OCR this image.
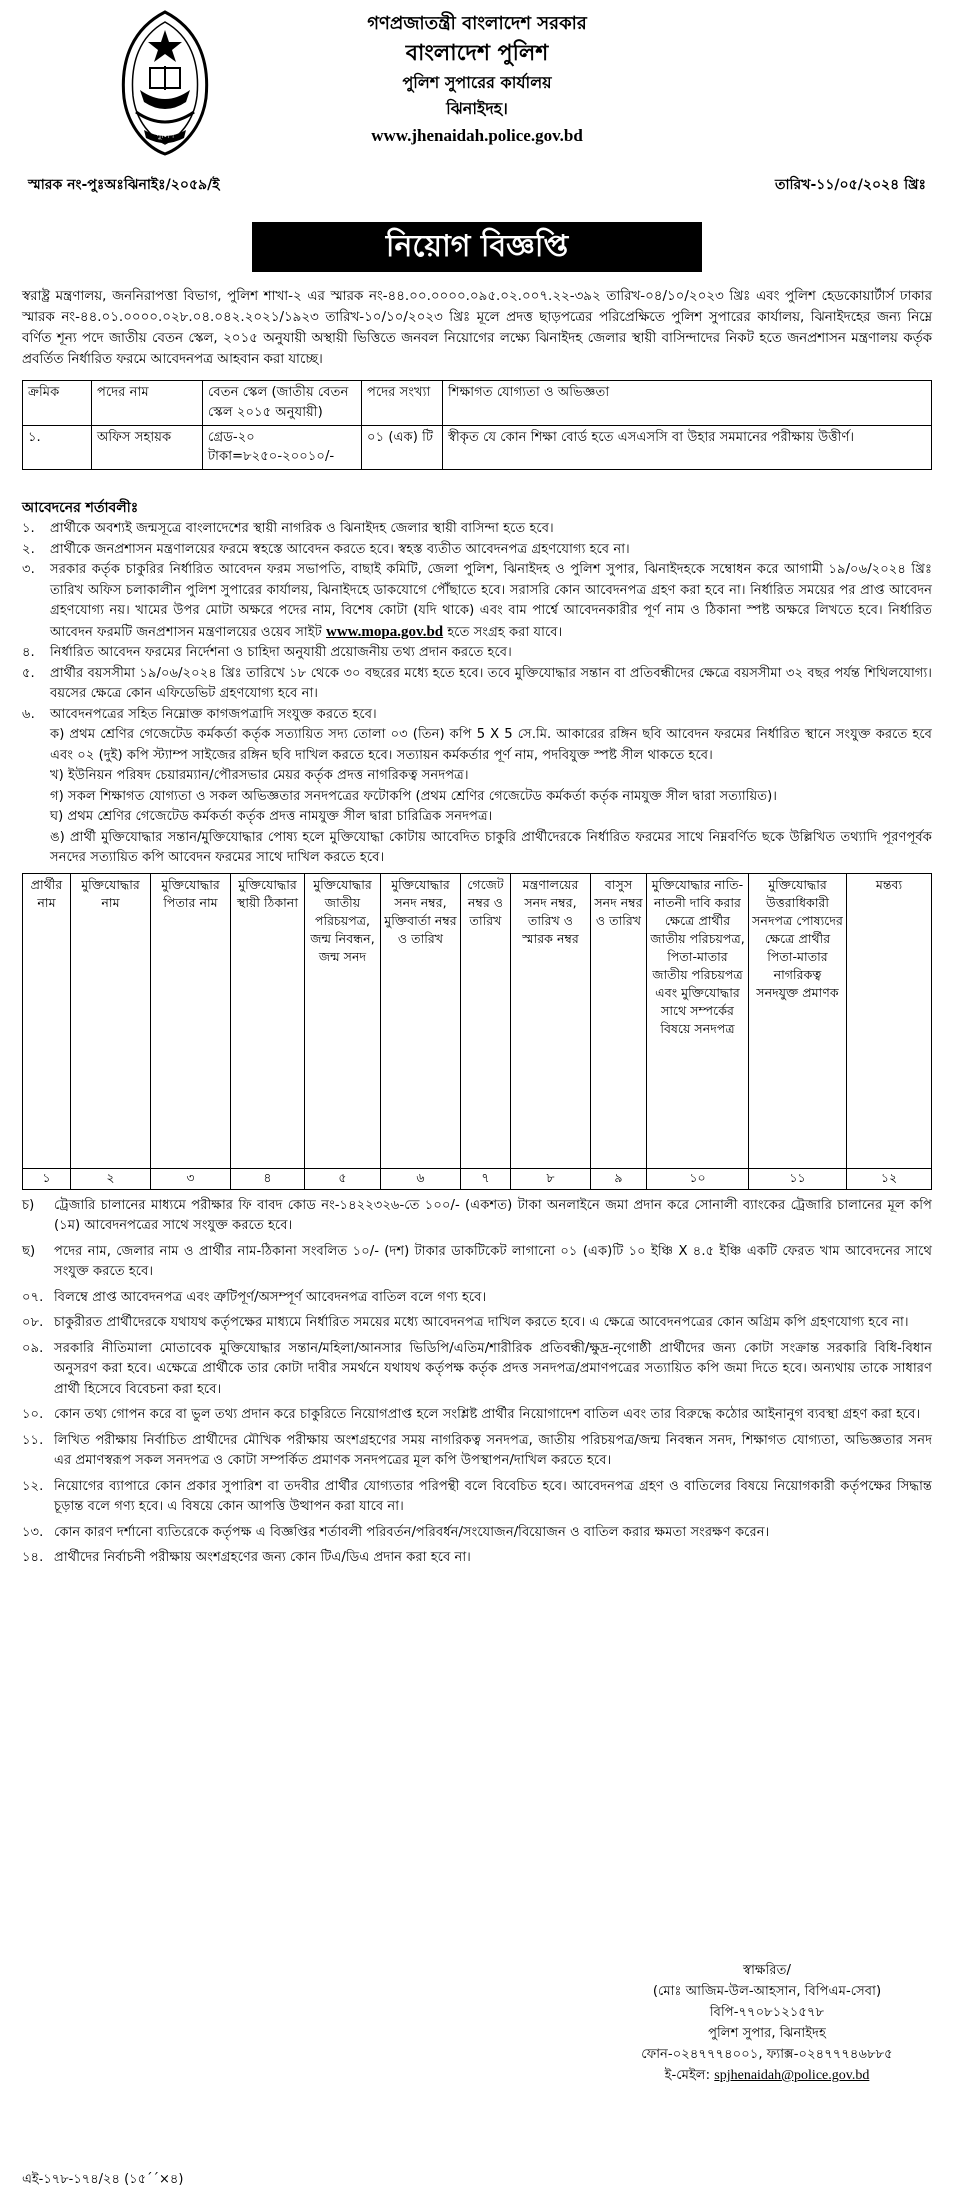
পুলিশ
গণপ্রজাতন্ত্রী বাংলাদেশ সরকার
বাংলাদেশ পুলিশ
পুলিশ সুপারের কার্যালয়
ঝিনাইদহ।
www.jhenaidah.police.gov.bd
স্মারক নং-পুঃঅঃঝিনাইঃ/২০৫৯/ই	তারিখ-১১/০৫/২০২৪ খ্রিঃ
নিয়োগ বিজ্ঞপ্তি
স্বরাষ্ট্র মন্ত্রণালয়, জননিরাপত্তা বিভাগ, পুলিশ শাখা-২ এর স্মারক নং-৪৪.০০.০০০০.০৯৫.০২.০০৭.২২-৩৯২ তারিখ-০৪/১০/২০২৩ খ্রিঃ এবং পুলিশ হেডকোয়ার্টার্স ঢাকার স্মারক নং-৪৪.০১.০০০০.০২৮.০৪.০৪২.২০২১/১৯২৩ তারিখ-১০/১০/২০২৩ খ্রিঃ মূলে প্রদত্ত ছাড়পত্রের পরিপ্রেক্ষিতে পুলিশ সুপারের কার্যালয়, ঝিনাইদহের জন্য নিম্নে বর্ণিত শূন্য পদে জাতীয় বেতন স্কেল, ২০১৫ অনুযায়ী অস্থায়ী ভিত্তিতে জনবল নিয়োগের লক্ষ্যে ঝিনাইদহ জেলার স্থায়ী বাসিন্দাদের নিকট হতে জনপ্রশাসন মন্ত্রণালয় কর্তৃক প্রবর্তিত নির্ধারিত ফরমে আবেদনপত্র আহবান করা যাচ্ছে।
ক্রমিক	পদের নাম	বেতন স্কেল (জাতীয় বেতন স্কেল ২০১৫ অনুযায়ী)	পদের সংখ্যা	শিক্ষাগত যোগ্যতা ও অভিজ্ঞতা
১.	অফিস সহায়ক	গ্রেড-২০ টাকা=৮২৫০-২০০১০/-	০১ (এক) টি	স্বীকৃত যে কোন শিক্ষা বোর্ড হতে এসএসসি বা উহার সমমানের পরীক্ষায় উত্তীর্ণ।
আবেদনের শর্তাবলীঃ
১.	প্রার্থীকে অবশ্যই জন্মসূত্রে বাংলাদেশের স্থায়ী নাগরিক ও ঝিনাইদহ জেলার স্থায়ী বাসিন্দা হতে হবে।
২.	প্রার্থীকে জনপ্রশাসন মন্ত্রণালয়ের ফরমে স্বহস্তে আবেদন করতে হবে। স্বহস্ত ব্যতীত আবেদনপত্র গ্রহণযোগ্য হবে না।
৩.	সরকার কর্তৃক চাকুরির নির্ধারিত আবেদন ফরম সভাপতি, বাছাই কমিটি, জেলা পুলিশ, ঝিনাইদহ ও পুলিশ সুপার, ঝিনাইদহকে সম্বোধন করে আগামী ১৯/০৬/২০২৪ খ্রিঃ তারিখ অফিস চলাকালীন পুলিশ সুপারের কার্যালয়, ঝিনাইদহে ডাকযোগে পৌঁছাতে হবে। সরাসরি কোন আবেদনপত্র গ্রহণ করা হবে না। নির্ধারিত সময়ের পর প্রাপ্ত আবেদন গ্রহণযোগ্য নয়। খামের উপর মোটা অক্ষরে পদের নাম, বিশেষ কোটা (যদি থাকে) এবং বাম পার্শ্বে আবেদনকারীর পূর্ণ নাম ও ঠিকানা স্পষ্ট অক্ষরে লিখতে হবে। নির্ধারিত আবেদন ফরমটি জনপ্রশাসন মন্ত্রণালয়ের ওয়েব সাইট www.mopa.gov.bd হতে সংগ্রহ করা যাবে।
৪.	নির্ধারিত আবেদন ফরমের নির্দেশনা ও চাহিদা অনুযায়ী প্রয়োজনীয় তথ্য প্রদান করতে হবে।
৫.	প্রার্থীর বয়সসীমা ১৯/০৬/২০২৪ খ্রিঃ তারিখে ১৮ থেকে ৩০ বছরের মধ্যে হতে হবে। তবে মুক্তিযোদ্ধার সন্তান বা প্রতিবন্ধীদের ক্ষেত্রে বয়সসীমা ৩২ বছর পর্যন্ত শিথিলযোগ্য। বয়সের ক্ষেত্রে কোন এফিডেভিট গ্রহণযোগ্য হবে না।
৬.	আবেদনপত্রের সহিত নিম্নোক্ত কাগজপত্রাদি সংযুক্ত করতে হবে।
ক) প্রথম শ্রেণির গেজেটেড কর্মকর্তা কর্তৃক সত্যায়িত সদ্য তোলা ০৩ (তিন) কপি 5 X 5 সে.মি. আকারের রঙ্গিন ছবি আবেদন ফরমের নির্ধারিত স্থানে সংযুক্ত করতে হবে এবং ০২ (দুই) কপি স্ট্যাম্প সাইজের রঙ্গিন ছবি দাখিল করতে হবে। সত্যায়ন কর্মকর্তার পূর্ণ নাম, পদবিযুক্ত স্পষ্ট সীল থাকতে হবে।
খ) ইউনিয়ন পরিষদ চেয়ারম্যান/পৌরসভার মেয়র কর্তৃক প্রদত্ত নাগরিকত্ব সনদপত্র।
গ) সকল শিক্ষাগত যোগ্যতা ও সকল অভিজ্ঞতার সনদপত্রের ফটোকপি (প্রথম শ্রেণির গেজেটেড কর্মকর্তা কর্তৃক নামযুক্ত সীল দ্বারা সত্যায়িত)।
ঘ) প্রথম শ্রেণির গেজেটেড কর্মকর্তা কর্তৃক প্রদত্ত নামযুক্ত সীল দ্বারা চারিত্রিক সনদপত্র।
ঙ) প্রার্থী মুক্তিযোদ্ধার সন্তান/মুক্তিযোদ্ধার পোষ্য হলে মুক্তিযোদ্ধা কোটায় আবেদিত চাকুরি প্রার্থীদেরকে নির্ধারিত ফরমের সাথে নিম্নবর্ণিত ছকে উল্লিখিত তথ্যাদি পূরণপূর্বক সনদের সত্যায়িত কপি আবেদন ফরমের সাথে দাখিল করতে হবে।
প্রার্থীর নাম	মুক্তিযোদ্ধার নাম	মুক্তিযোদ্ধার পিতার নাম	মুক্তিযোদ্ধার স্থায়ী ঠিকানা	মুক্তিযোদ্ধার জাতীয় পরিচয়পত্র, জন্ম নিবন্ধন, জন্ম সনদ	মুক্তিযোদ্ধার সনদ নম্বর, মুক্তিবার্তা নম্বর ও তারিখ	গেজেট নম্বর ও তারিখ	মন্ত্রণালয়ের সনদ নম্বর, তারিখ ও স্মারক নম্বর	বাসুস সনদ নম্বর ও তারিখ	মুক্তিযোদ্ধার নাতি-নাতনী দাবি করার ক্ষেত্রে প্রার্থীর জাতীয় পরিচয়পত্র, পিতা-মাতার জাতীয় পরিচয়পত্র এবং মুক্তিযোদ্ধার সাথে সম্পর্কের বিষয়ে সনদপত্র	মুক্তিযোদ্ধার উত্তরাধিকারী সনদপত্র পোষ্যদের ক্ষেত্রে প্রার্থীর পিতা-মাতার নাগরিকত্ব সনদযুক্ত প্রমাণক	মন্তব্য
১	২	৩	৪	৫	৬	৭	৮	৯	১০	১১	১২
চ)	ট্রেজারি চালানের মাধ্যমে পরীক্ষার ফি বাবদ কোড নং-১৪২২৩২৬-তে ১০০/- (একশত) টাকা অনলাইনে জমা প্রদান করে সোনালী ব্যাংকের ট্রেজারি চালানের মূল কপি (১ম) আবেদনপত্রের সাথে সংযুক্ত করতে হবে।
ছ)	পদের নাম, জেলার নাম ও প্রার্থীর নাম-ঠিকানা সংবলিত ১০/- (দশ) টাকার ডাকটিকেট লাগানো ০১ (এক)টি ১০ ইঞ্চি X ৪.৫ ইঞ্চি একটি ফেরত খাম আবেদনের সাথে সংযুক্ত করতে হবে।
০৭. বিলম্বে প্রাপ্ত আবেদনপত্র এবং ত্রুটিপূর্ণ/অসম্পূর্ণ আবেদনপত্র বাতিল বলে গণ্য হবে।
০৮. চাকুরীরত প্রার্থীদেরকে যথাযথ কর্তৃপক্ষের মাধ্যমে নির্ধারিত সময়ের মধ্যে আবেদনপত্র দাখিল করতে হবে। এ ক্ষেত্রে আবেদনপত্রের কোন অগ্রিম কপি গ্রহণযোগ্য হবে না।
০৯. সরকারি নীতিমালা মোতাবেক মুক্তিযোদ্ধার সন্তান/মহিলা/আনসার ভিডিপি/এতিম/শারীরিক প্রতিবন্ধী/ক্ষুদ্র-নৃগোষ্ঠী প্রার্থীদের জন্য কোটা সংক্রান্ত সরকারি বিধি-বিধান অনুসরণ করা হবে। এক্ষেত্রে প্রার্থীকে তার কোটা দাবীর সমর্থনে যথাযথ কর্তৃপক্ষ কর্তৃক প্রদত্ত সনদপত্র/প্রমাণপত্রের সত্যায়িত কপি জমা দিতে হবে। অন্যথায় তাকে সাধারণ প্রার্থী হিসেবে বিবেচনা করা হবে।
১০. কোন তথ্য গোপন করে বা ভুল তথ্য প্রদান করে চাকুরিতে নিয়োগপ্রাপ্ত হলে সংশ্লিষ্ট প্রার্থীর নিয়োগাদেশ বাতিল এবং তার বিরুদ্ধে কঠোর আইনানুগ ব্যবস্থা গ্রহণ করা হবে।
১১. লিখিত পরীক্ষায় নির্বাচিত প্রার্থীদের মৌখিক পরীক্ষায় অংশগ্রহণের সময় নাগরিকত্ব সনদপত্র, জাতীয় পরিচয়পত্র/জন্ম নিবন্ধন সনদ, শিক্ষাগত যোগ্যতা, অভিজ্ঞতার সনদ এর প্রমাণস্বরূপ সকল সনদপত্র ও কোটা সম্পর্কিত প্রমাণক সনদপত্রের মূল কপি উপস্থাপন/দাখিল করতে হবে।
১২. নিয়োগের ব্যাপারে কোন প্রকার সুপারিশ বা তদবীর প্রার্থীর যোগ্যতার পরিপন্থী বলে বিবেচিত হবে। আবেদনপত্র গ্রহণ ও বাতিলের বিষয়ে নিয়োগকারী কর্তৃপক্ষের সিদ্ধান্ত চূড়ান্ত বলে গণ্য হবে। এ বিষয়ে কোন আপত্তি উত্থাপন করা যাবে না।
১৩. কোন কারণ দর্শানো ব্যতিরেকে কর্তৃপক্ষ এ বিজ্ঞপ্তির শর্তাবলী পরিবর্তন/পরিবর্ধন/সংযোজন/বিয়োজন ও বাতিল করার ক্ষমতা সংরক্ষণ করেন।
১৪. প্রার্থীদের নির্বাচনী পরীক্ষায় অংশগ্রহণের জন্য কোন টিএ/ডিএ প্রদান করা হবে না।
স্বাক্ষরিত/
(মোঃ আজিম-উল-আহসান, বিপিএম-সেবা)
বিপি-৭৭০৮১২১৫৭৮
পুলিশ সুপার, ঝিনাইদহ
ফোন-০২৪৭৭৭৪০০১, ফ্যাক্স-০২৪৭৭৭৪৬৮৮৫
ই-মেইল: spjhenaidah@police.gov.bd
এই-১৭৮-১৭৪/২৪ (১৫´´×৪)
